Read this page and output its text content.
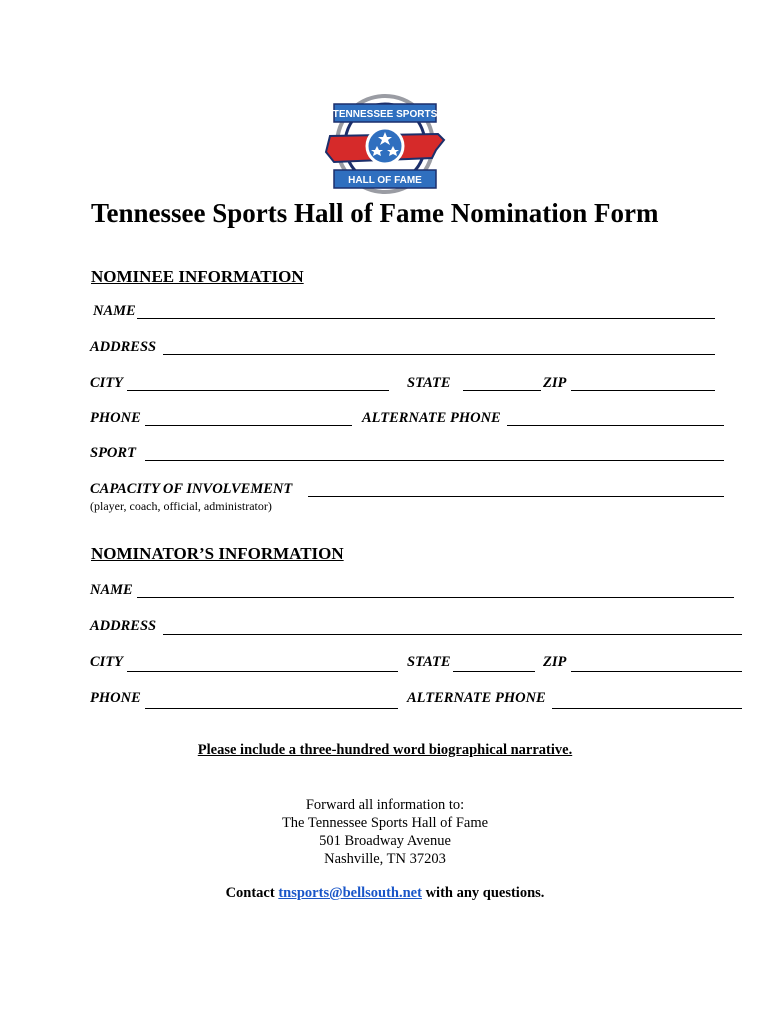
TENNESSEE SPORTS
HALL OF FAME
Tennessee Sports Hall of Fame Nomination Form
NOMINEE INFORMATION
NAME
ADDRESS
CITY	STATE	ZIP
PHONE	ALTERNATE PHONE
SPORT
CAPACITY OF INVOLVEMENT
(player, coach, official, administrator)
NOMINATOR’S INFORMATION
NAME
ADDRESS
CITY	STATE	ZIP
PHONE	ALTERNATE PHONE
Please include a three-hundred word biographical narrative.
Forward all information to:
The Tennessee Sports Hall of Fame
501 Broadway Avenue
Nashville, TN 37203
Contact tnsports@bellsouth.net with any questions.
